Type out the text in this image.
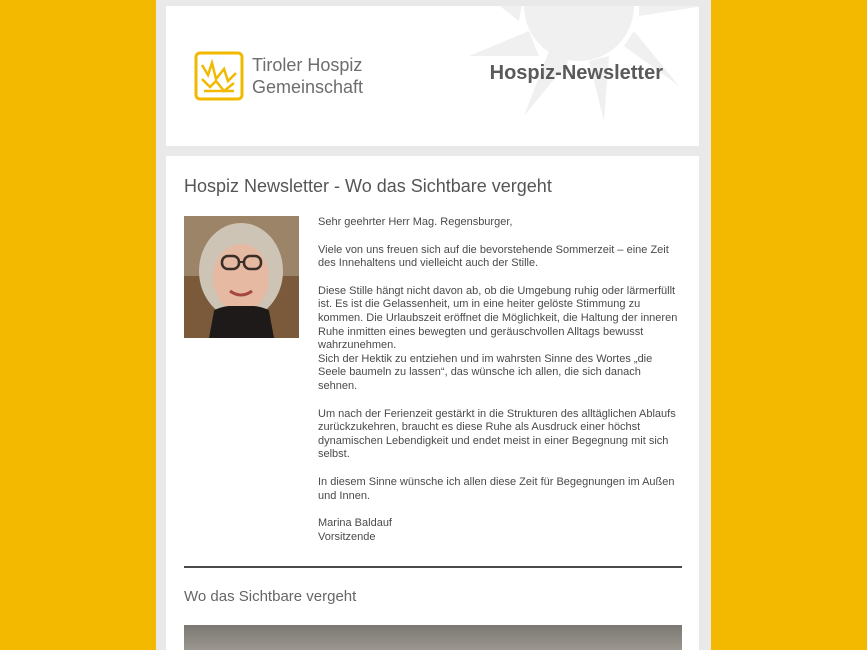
Tiroler Hospiz
Gemeinschaft
Hospiz-Newsletter
Hospiz Newsletter - Wo das Sichtbare vergeht

Sehr geehrter Herr Mag. Regensburger,

Viele von uns freuen sich auf die bevorstehende Sommerzeit – eine Zeit des Innehaltens und vielleicht auch der Stille.

Diese Stille hängt nicht davon ab, ob die Umgebung ruhig oder lärmerfüllt ist. Es ist die Gelassenheit, um in eine heiter gelöste Stimmung zu kommen. Die Urlaubszeit eröffnet die Möglichkeit, die Haltung der inneren Ruhe inmitten eines bewegten und geräuschvollen Alltags bewusst wahrzunehmen.

Sich der Hektik zu entziehen und im wahrsten Sinne des Wortes „die Seele baumeln zu lassen“, das wünsche ich allen, die sich danach sehnen.

Um nach der Ferienzeit gestärkt in die Strukturen des alltäglichen Ablaufs zurückzukehren, braucht es diese Ruhe als Ausdruck einer höchst dynamischen Lebendigkeit und endet meist in einer Begegnung mit sich selbst.

In diesem Sinne wünsche ich allen diese Zeit für Begegnungen im Außen und Innen.

Marina Baldauf

Vorsitzende

Wo das Sichtbare vergeht
